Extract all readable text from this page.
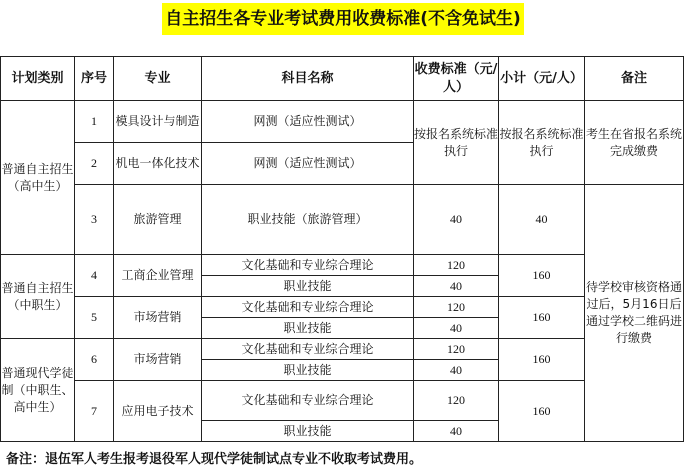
自主招生各专业考试费用收费标准(不含免试生)
计划类别	序号	专业	科目名称	收费标准（元/人）	小计（元/人）	备注
普通自主招生（高中生）	1	模具设计与制造	网测（适应性测试）	按报名系统标准执行	按报名系统标准执行	考生在省报名系统完成缴费
	2	机电一体化技术	网测（适应性测试）			
	3	旅游管理	职业技能（旅游管理）	40	40	待学校审核资格通过后，5月16日后通过学校二维码进行缴费
普通自主招生（中职生）	4	工商企业管理	文化基础和专业综合理论	120	160	
			职业技能	40		
	5	市场营销	文化基础和专业综合理论	120	160	
			职业技能	40		
普通现代学徒制（中职生、高中生）	6	市场营销	文化基础和专业综合理论	120	160	
			职业技能	40		
	7	应用电子技术	文化基础和专业综合理论	120	160	
			职业技能	40		
备注：退伍军人考生报考退役军人现代学徒制试点专业不收取考试费用。
